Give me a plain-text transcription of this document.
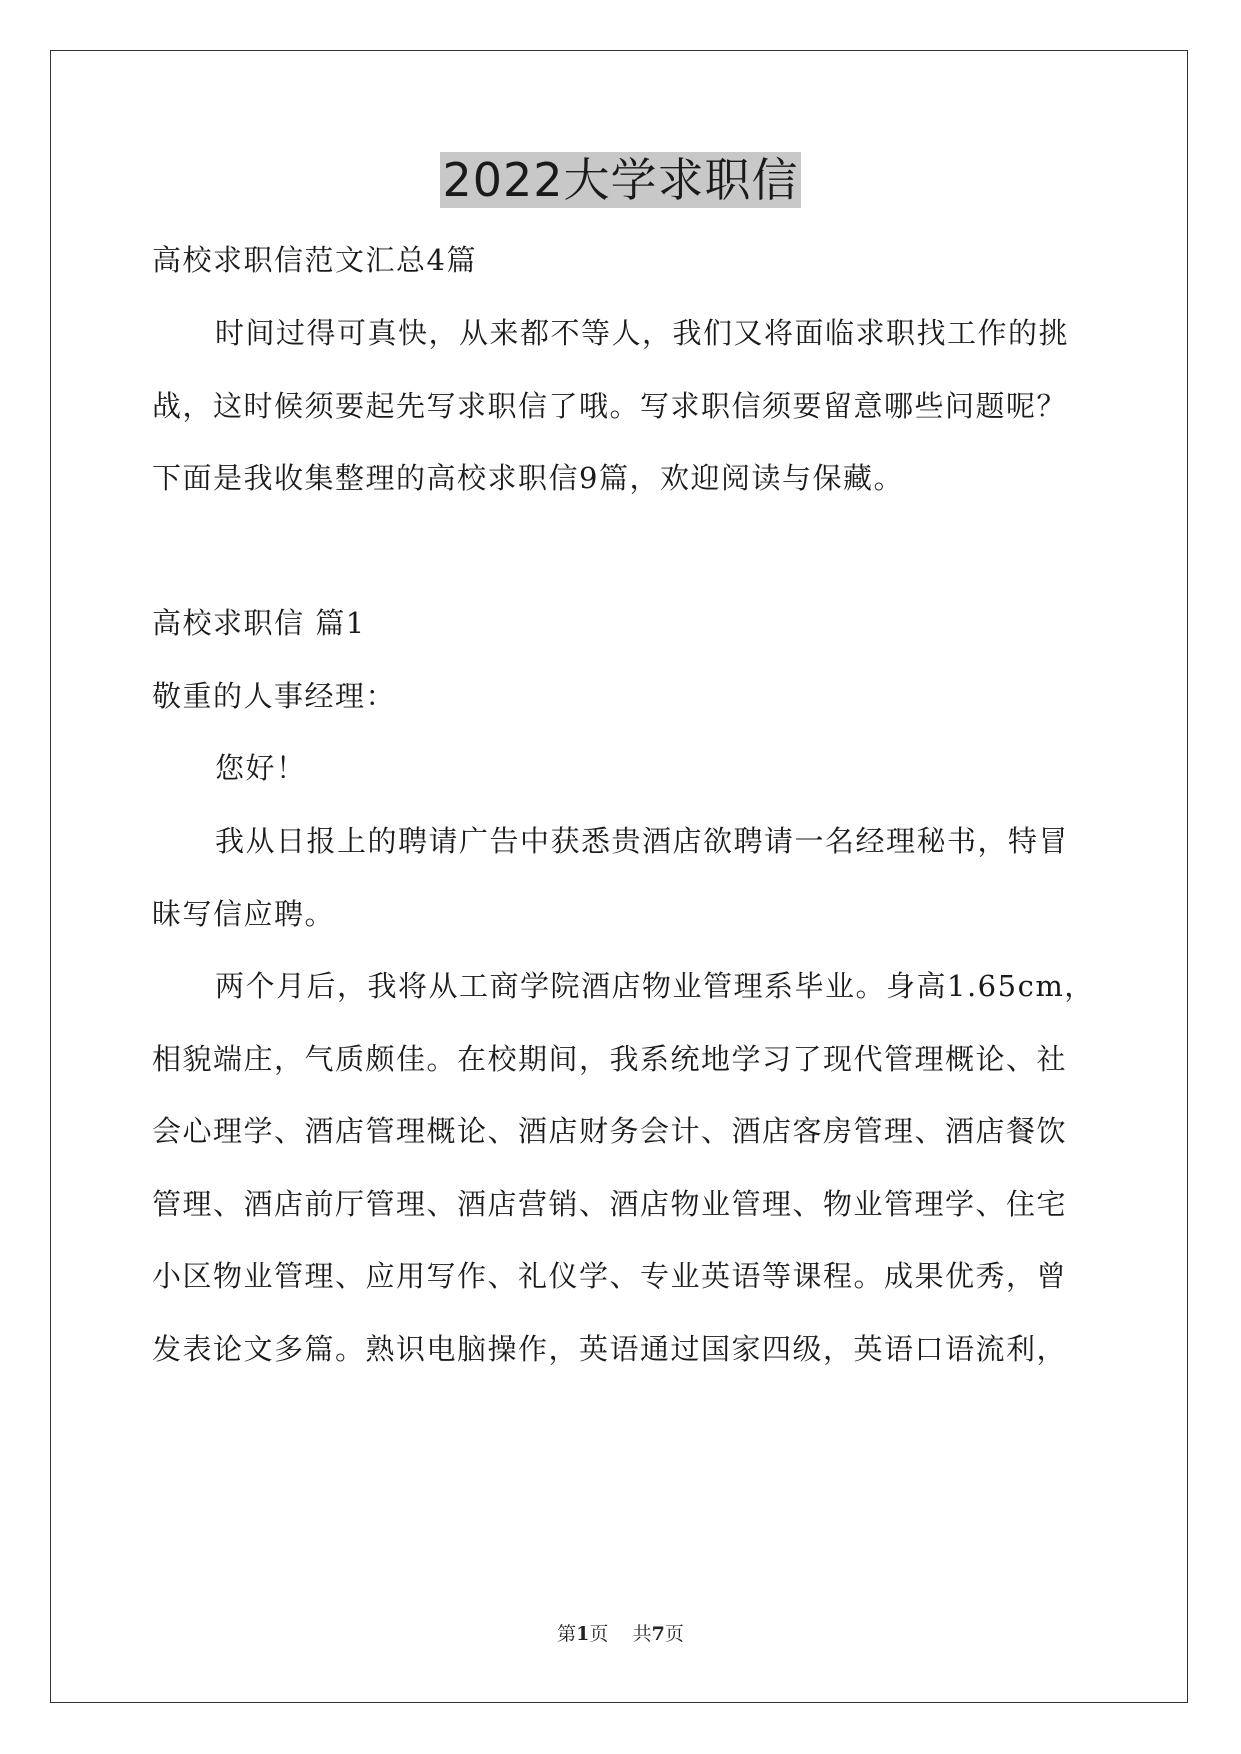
2022大学求职信
高校求职信范文汇总4篇
时间过得可真快，从来都不等人，我们又将面临求职找工作的挑
战，这时候须要起先写求职信了哦。写求职信须要留意哪些问题呢？
下面是我收集整理的高校求职信9篇，欢迎阅读与保藏。
高校求职信 篇1
敬重的人事经理：
您好！
我从日报上的聘请广告中获悉贵酒店欲聘请一名经理秘书，特冒
昧写信应聘。
两个月后，我将从工商学院酒店物业管理系毕业。身高1.65cm，
相貌端庄，气质颇佳。在校期间，我系统地学习了现代管理概论、社
会心理学、酒店管理概论、酒店财务会计、酒店客房管理、酒店餐饮
管理、酒店前厅管理、酒店营销、酒店物业管理、物业管理学、住宅
小区物业管理、应用写作、礼仪学、专业英语等课程。成果优秀，曾
发表论文多篇。熟识电脑操作，英语通过国家四级，英语口语流利，
第1页 共7页
